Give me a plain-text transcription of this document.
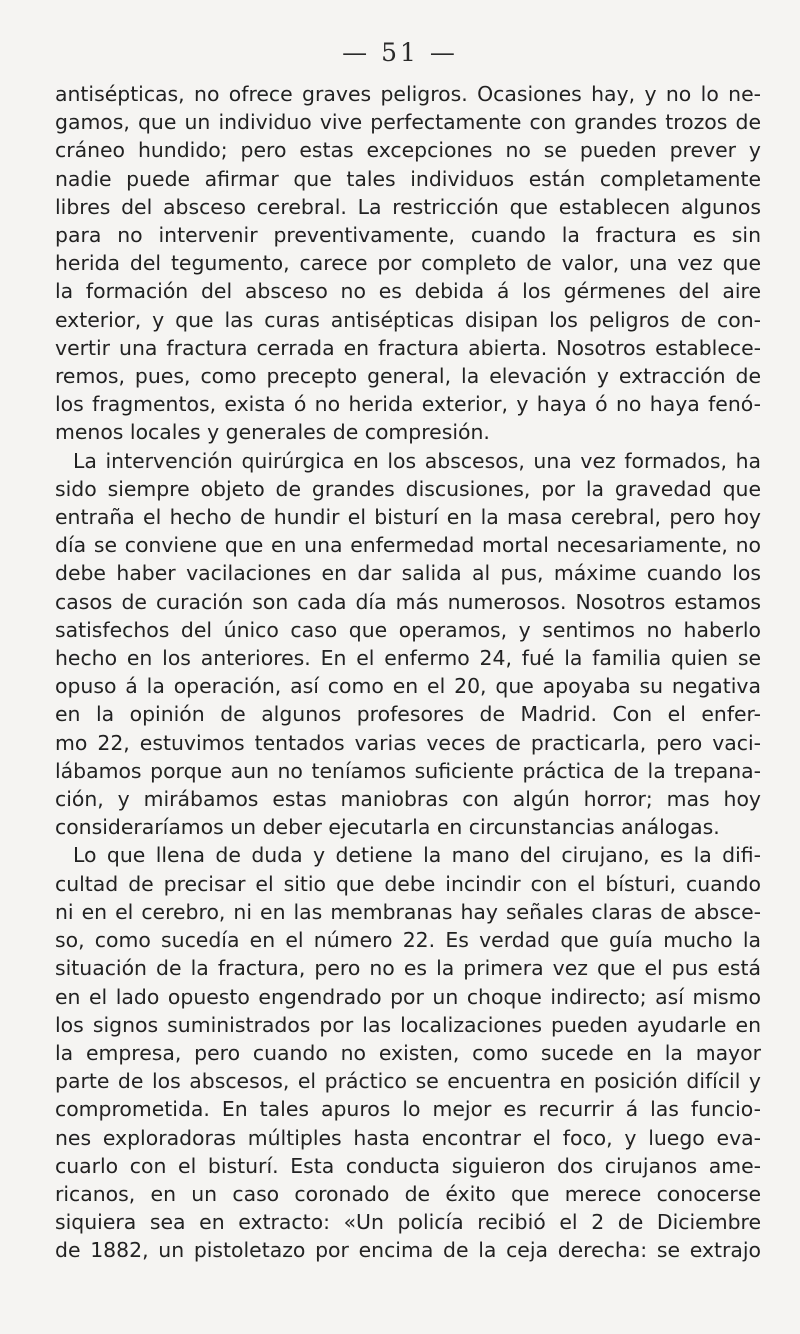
— 51 —
antisépticas, no ofrece graves peligros. Ocasiones hay, y no lo ne-
gamos, que un individuo vive perfectamente con grandes trozos de
cráneo hundido; pero estas excepciones no se pueden prever y
nadie puede afirmar que tales individuos están completamente
libres del absceso cerebral. La restricción que establecen algunos
para no intervenir preventivamente, cuando la fractura es sin
herida del tegumento, carece por completo de valor, una vez que
la formación del absceso no es debida á los gérmenes del aire
exterior, y que las curas antisépticas disipan los peligros de con-
vertir una fractura cerrada en fractura abierta. Nosotros establece-
remos, pues, como precepto general, la elevación y extracción de
los fragmentos, exista ó no herida exterior, y haya ó no haya fenó-
menos locales y generales de compresión.
La intervención quirúrgica en los abscesos, una vez formados, ha
sido siempre objeto de grandes discusiones, por la gravedad que
entraña el hecho de hundir el bisturí en la masa cerebral, pero hoy
día se conviene que en una enfermedad mortal necesariamente, no
debe haber vacilaciones en dar salida al pus, máxime cuando los
casos de curación son cada día más numerosos. Nosotros estamos
satisfechos del único caso que operamos, y sentimos no haberlo
hecho en los anteriores. En el enfermo 24, fué la familia quien se
opuso á la operación, así como en el 20, que apoyaba su negativa
en la opinión de algunos profesores de Madrid. Con el enfer-
mo 22, estuvimos tentados varias veces de practicarla, pero vaci-
lábamos porque aun no teníamos suficiente práctica de la trepana-
ción, y mirábamos estas maniobras con algún horror; mas hoy
consideraríamos un deber ejecutarla en circunstancias análogas.
Lo que llena de duda y detiene la mano del cirujano, es la difi-
cultad de precisar el sitio que debe incindir con el bísturi, cuando
ni en el cerebro, ni en las membranas hay señales claras de absce-
so, como sucedía en el número 22. Es verdad que guía mucho la
situación de la fractura, pero no es la primera vez que el pus está
en el lado opuesto engendrado por un choque indirecto; así mismo
los signos suministrados por las localizaciones pueden ayudarle en
la empresa, pero cuando no existen, como sucede en la mayor
parte de los abscesos, el práctico se encuentra en posición difícil y
comprometida. En tales apuros lo mejor es recurrir á las funcio-
nes exploradoras múltiples hasta encontrar el foco, y luego eva-
cuarlo con el bisturí. Esta conducta siguieron dos cirujanos ame-
ricanos, en un caso coronado de éxito que merece conocerse
siquiera sea en extracto: «Un policía recibió el 2 de Diciembre
de 1882, un pistoletazo por encima de la ceja derecha: se extrajo
